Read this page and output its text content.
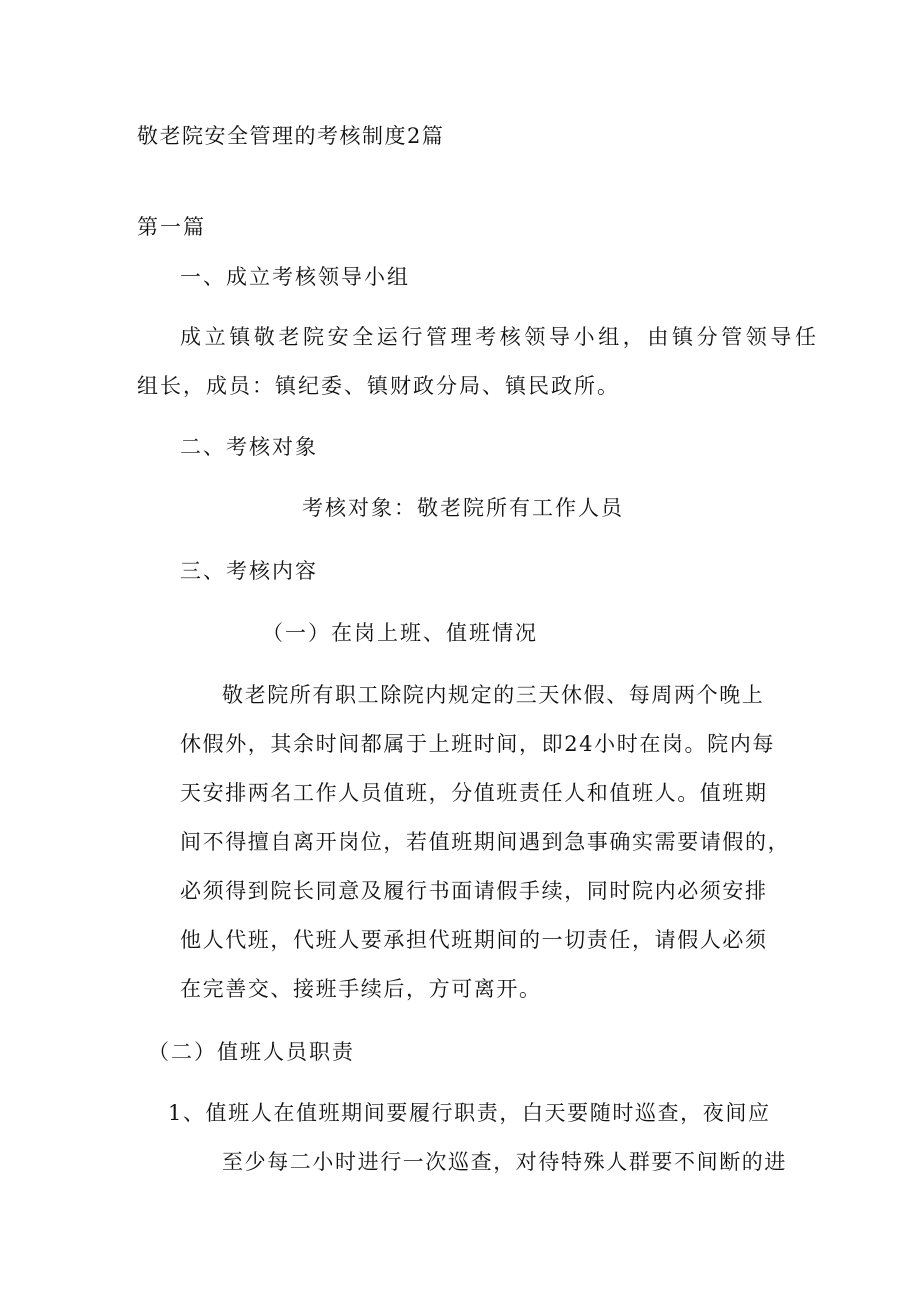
敬老院安全管理的考核制度2篇

第一篇

一、成立考核领导小组

成立镇敬老院安全运行管理考核领导小组，由镇分管领导任

组长，成员：镇纪委、镇财政分局、镇民政所。

二、考核对象

考核对象：敬老院所有工作人员

三、考核内容

（一）在岗上班、值班情况

敬老院所有职工除院内规定的三天休假、每周两个晚上

休假外，其余时间都属于上班时间，即24小时在岗。院内每

天安排两名工作人员值班，分值班责任人和值班人。值班期

间不得擅自离开岗位，若值班期间遇到急事确实需要请假的，

必须得到院长同意及履行书面请假手续，同时院内必须安排

他人代班，代班人要承担代班期间的一切责任，请假人必须

在完善交、接班手续后，方可离开。

（二）值班人员职责

1、值班人在值班期间要履行职责，白天要随时巡查，夜间应

至少每二小时进行一次巡查，对待特殊人群要不间断的进
